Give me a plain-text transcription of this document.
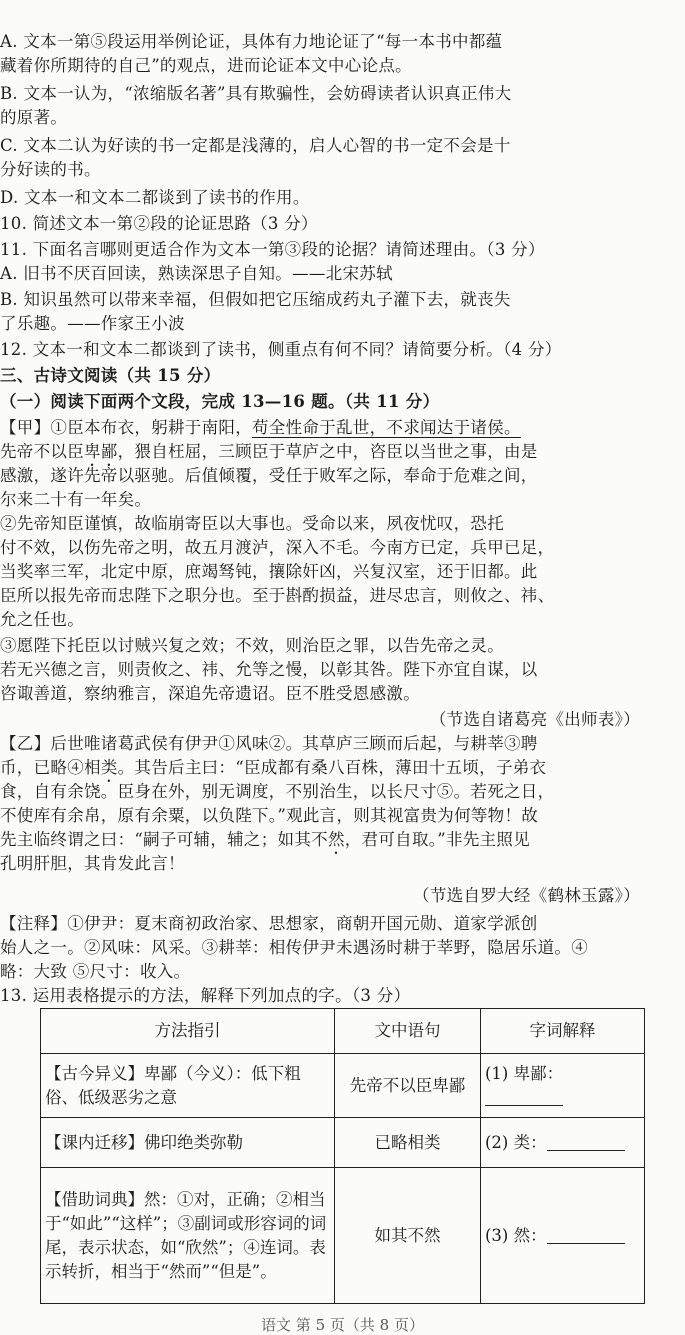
A. 文本一第⑤段运用举例论证，具体有力地论证了“每一本书中都蕴
藏着你所期待的自己”的观点，进而论证本文中心论点。
B. 文本一认为，“浓缩版名著”具有欺骗性，会妨碍读者认识真正伟大
的原著。
C. 文本二认为好读的书一定都是浅薄的，启人心智的书一定不会是十
分好读的书。
D. 文本一和文本二都谈到了读书的作用。
10. 简述文本一第②段的论证思路（3 分）
11. 下面名言哪则更适合作为文本一第③段的论据？请简述理由。（3 分）
A. 旧书不厌百回读，熟读深思子自知。——北宋苏轼
B. 知识虽然可以带来幸福，但假如把它压缩成药丸子灌下去，就丧失
了乐趣。——作家王小波
12. 文本一和文本二都谈到了读书，侧重点有何不同？请简要分析。（4 分）
三、古诗文阅读（共 15 分）
（一）阅读下面两个文段，完成 13—16 题。（共 11 分）
【甲】①臣本布衣，躬耕于南阳，苟全性命于乱世，不求闻达于诸侯。
先帝不以臣卑鄙，猥自枉屈，三顾臣于草庐之中，咨臣以当世之事，由是
感激，遂许先帝以驱驰。后值倾覆，受任于败军之际，奉命于危难之间，
尔来二十有一年矣。
②先帝知臣谨慎，故临崩寄臣以大事也。受命以来，夙夜忧叹，恐托
付不效，以伤先帝之明，故五月渡泸，深入不毛。今南方已定，兵甲已足，
当奖率三军，北定中原，庶竭驽钝，攘除奸凶，兴复汉室，还于旧都。此
臣所以报先帝而忠陛下之职分也。至于斟酌损益，进尽忠言，则攸之、祎、
允之任也。
③愿陛下托臣以讨贼兴复之效；不效，则治臣之罪，以告先帝之灵。
若无兴德之言，则责攸之、祎、允等之慢，以彰其咎。陛下亦宜自谋，以
咨诹善道，察纳雅言，深追先帝遗诏。臣不胜受恩感激。
（节选自诸葛亮《出师表》）
【乙】后世唯诸葛武侯有伊尹①风味②。其草庐三顾而后起，与耕莘③聘
币，已略④相类。其告后主曰：“臣成都有桑八百株，薄田十五顷，子弟衣
食，自有余饶。臣身在外，别无调度，不别治生，以长尺寸⑤。若死之日，
不使库有余帛，原有余粟，以负陛下。”观此言，则其视富贵为何等物！故
先主临终谓之曰：“嗣子可辅，辅之；如其不然，君可自取。”非先主照见
孔明肝胆，其肯发此言！
（节选自罗大经《鹤林玉露》）
【注释】①伊尹：夏末商初政治家、思想家，商朝开国元勋、道家学派创
始人之一。②风味：风采。③耕莘：相传伊尹未遇汤时耕于莘野，隐居乐道。④
略：大致 ⑤尺寸：收入。
13. 运用表格提示的方法，解释下列加点的字。（3 分）
方法指引	文中语句	字词解释
【古今异义】卑鄙（今义）：低下粗俗、低级恶劣之意	先帝不以臣卑鄙	(1) 卑鄙：
【课内迁移】佛印绝类弥勒	已略相类	(2) 类：
【借助词典】然：①对，正确；②相当于“如此”“这样”；③副词或形容词的词尾，表示状态，如“欣然”；④连词。表示转折，相当于“然而”“但是”。	如其不然	(3) 然：
语文 第 5 页（共 8 页）
